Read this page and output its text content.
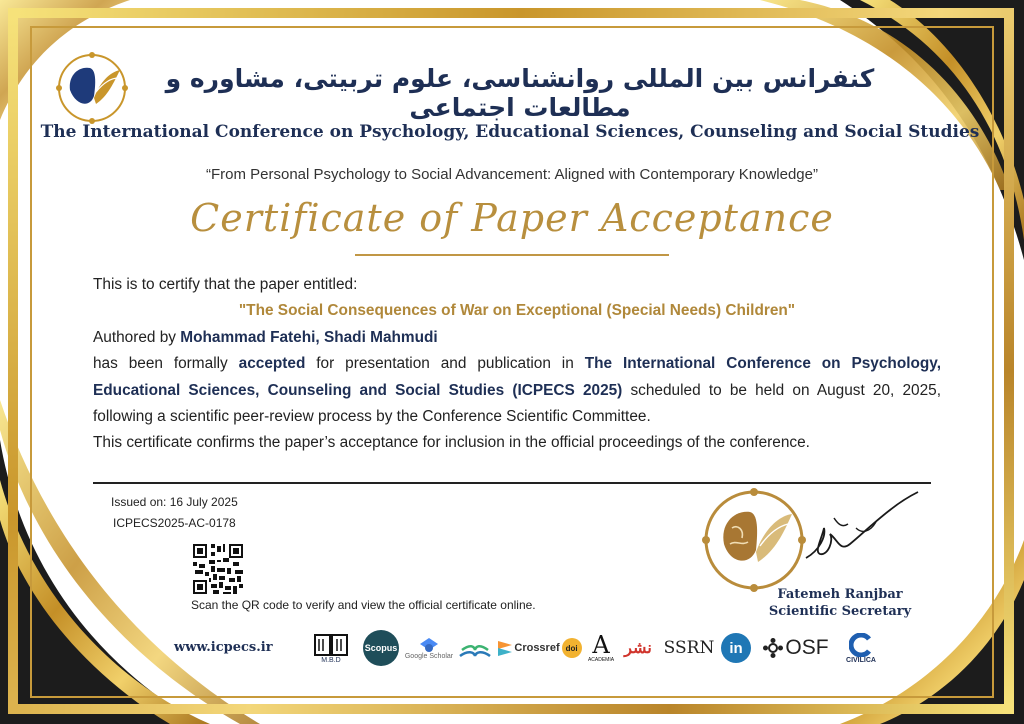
کنفرانس بین المللی روانشناسی، علوم تربیتی، مشاوره و مطالعات اجتماعی
The International Conference on Psychology, Educational Sciences, Counseling and Social Studies
“From Personal Psychology to Social Advancement: Aligned with Contemporary Knowledge”
Certificate of Paper Acceptance

This is to certify that the paper entitled:

"The Social Consequences of War on Exceptional (Special Needs) Children"

Authored by Mohammad Fatehi, Shadi Mahmudi

has been formally accepted for presentation and publication in The International Conference on Psychology, Educational Sciences, Counseling and Social Studies (ICPECS 2025) scheduled to be held on August 20, 2025, following a scientific peer-review process by the Conference Scientific Committee.

This certificate confirms the paper’s acceptance for inclusion in the official proceedings of the conference.

Issued on: 16 July 2025
ICPECS2025-AC-0178
Scan the QR code to verify and view the official certificate online.
Fatemeh Ranjbar
Scientific Secretary
www.icpecs.ir
M.B.D
Scopus
Google Scholar
Crossref doi A
ACADEMIA
نشر SSRN in	OSF
CIVILICA
